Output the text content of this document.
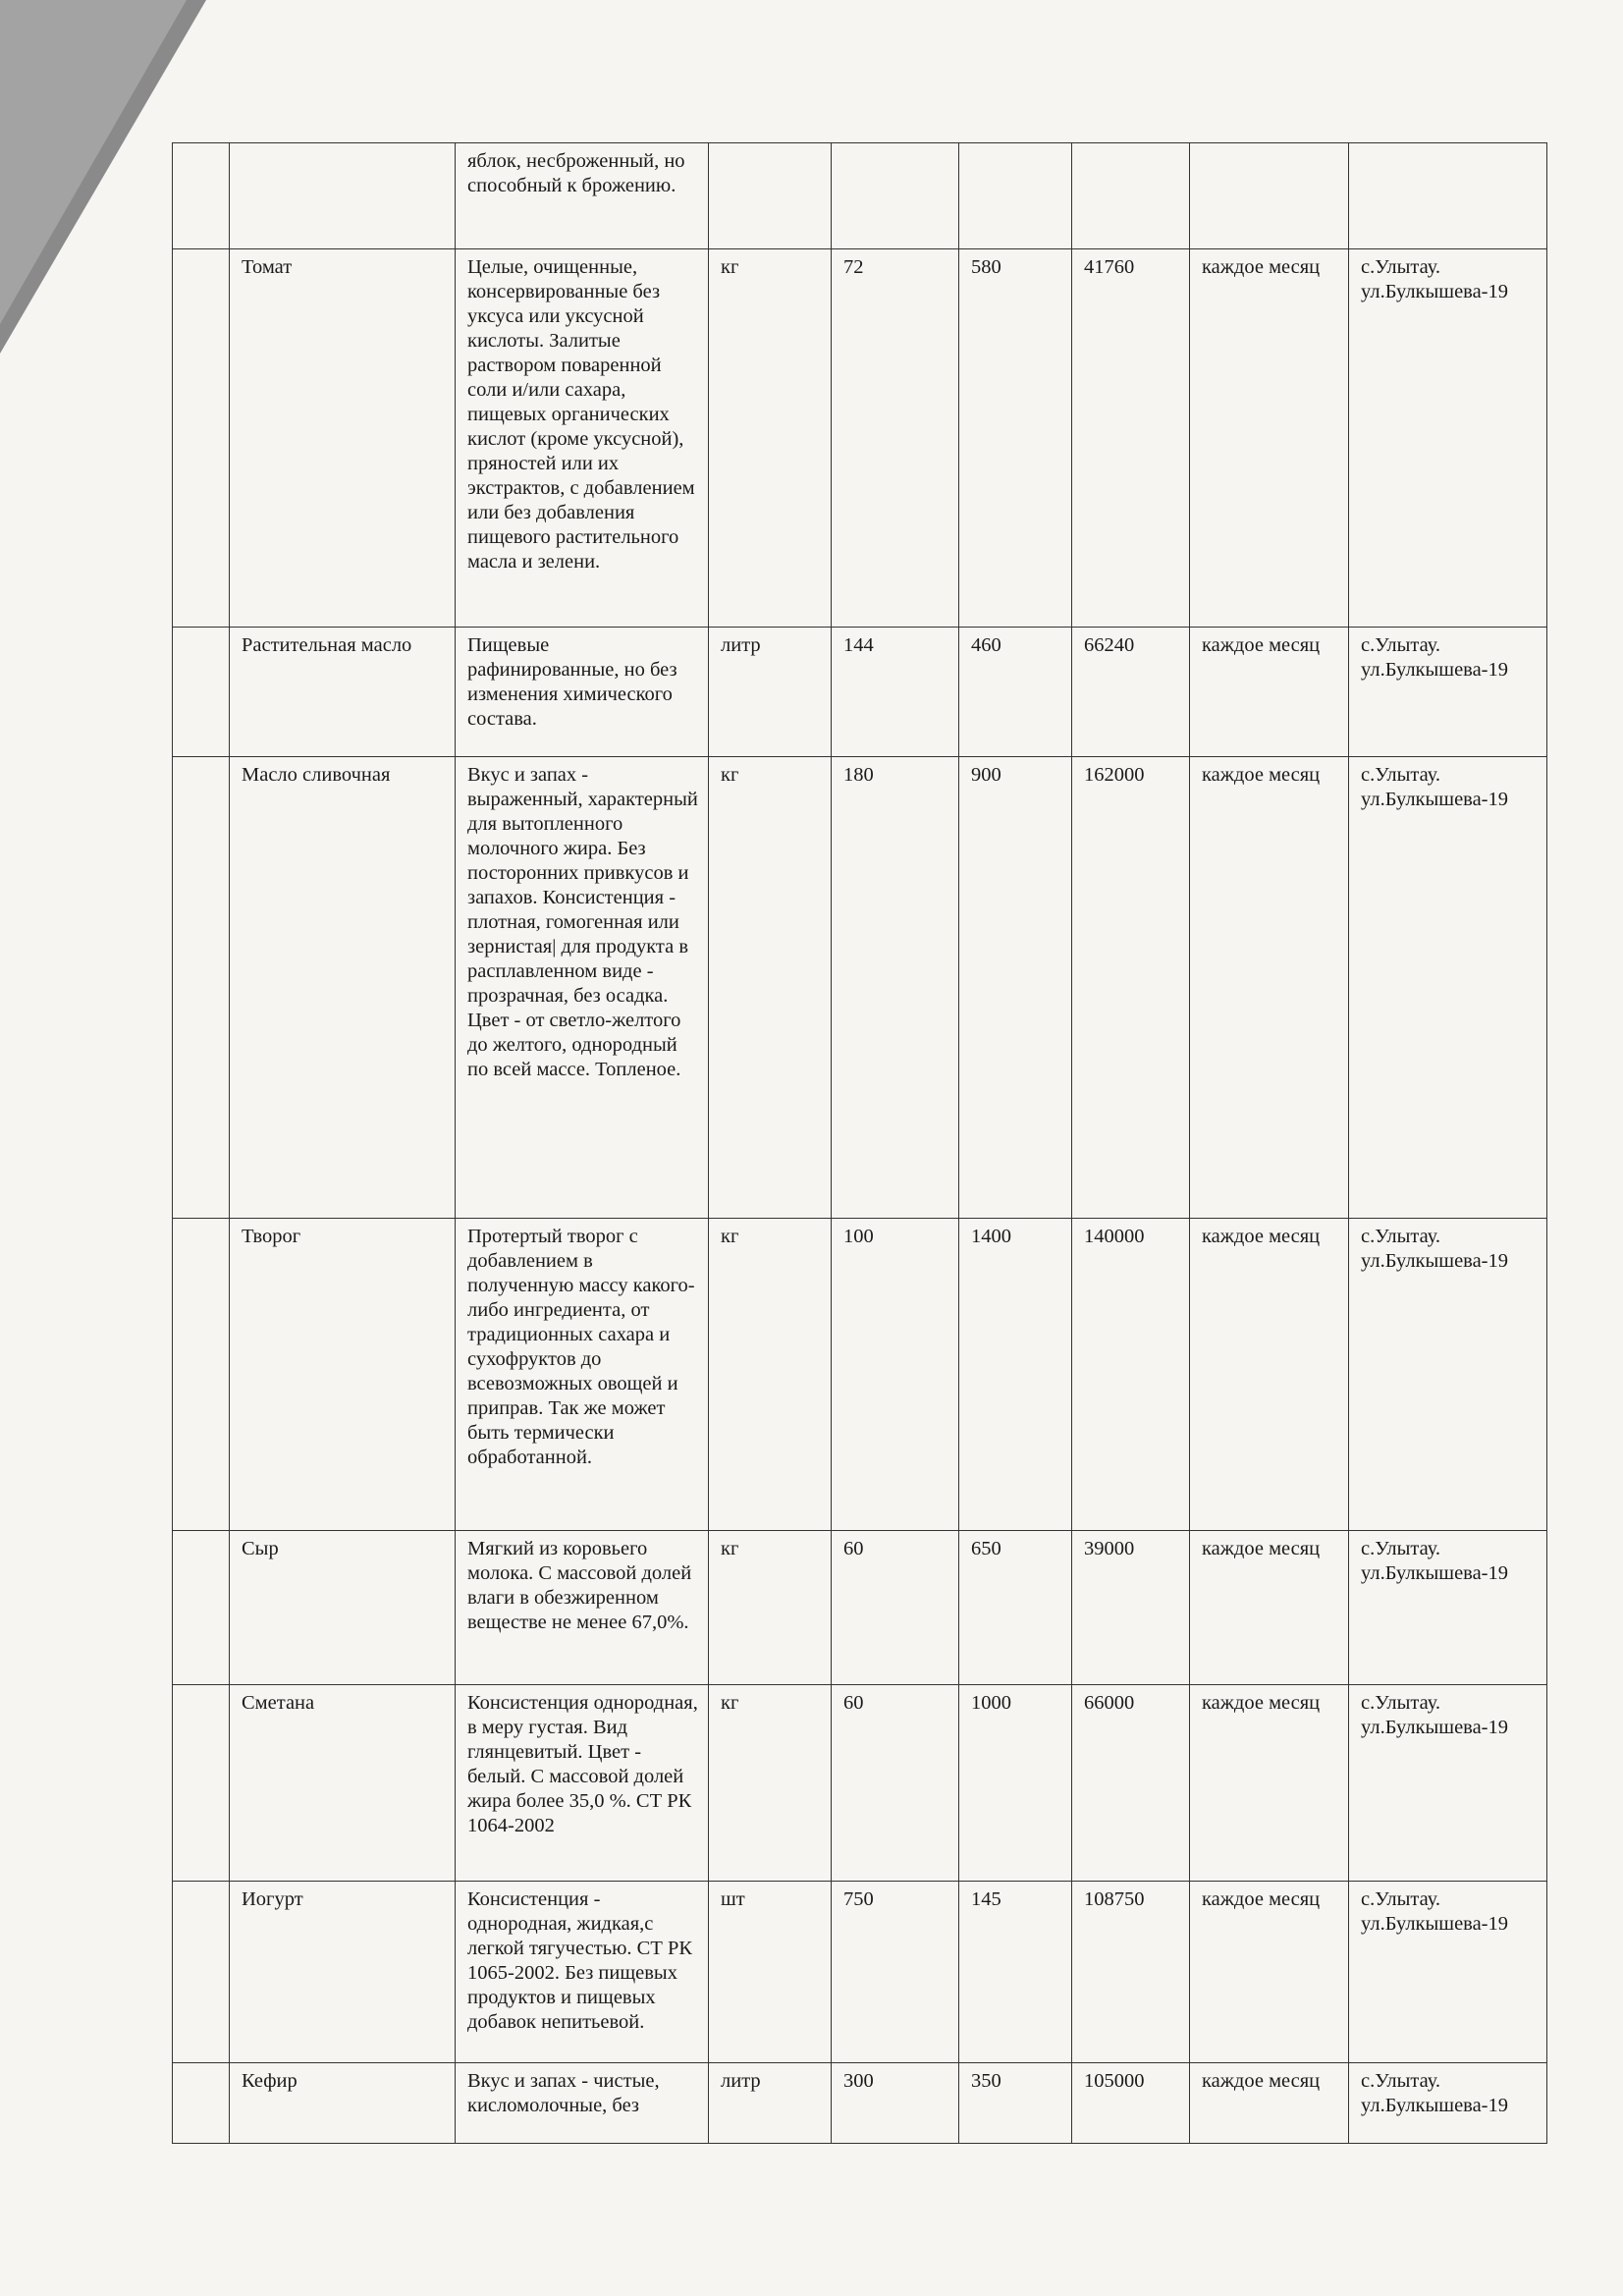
		яблок, несброженный, но способный к брожению.						
	Томат	Целые, очищенные, консервированные без уксуса или уксусной кислоты. Залитые раствором поваренной соли и/или сахара, пищевых органических кислот (кроме уксусной), пряностей или их экстрактов, с добавлением или без добавления пищевого растительного масла и зелени.	кг	72	580	41760	каждое месяц	с.Улытау. ул.Булкышева-19
	Растительная масло	Пищевые рафинированные, но без изменения химического состава.	литр	144	460	66240	каждое месяц	с.Улытау. ул.Булкышева-19
	Масло сливочная	Вкус и запах - выраженный, характерный для вытопленного молочного жира. Без посторонних привкусов и запахов. Консистенция - плотная, гомогенная или зернистая| для продукта в расплавленном виде - прозрачная, без осадка. Цвет - от светло-желтого до желтого, однородный по всей массе. Топленое.	кг	180	900	162000	каждое месяц	с.Улытау. ул.Булкышева-19
	Творог	Протертый творог с добавлением в полученную массу какого-либо ингредиента, от традиционных сахара и сухофруктов до всевозможных овощей и приправ. Так же может быть термически обработанной.	кг	100	1400	140000	каждое месяц	с.Улытау. ул.Булкышева-19
	Сыр	Мягкий из коровьего молока. С массовой долей влаги в обезжиренном веществе не менее 67,0%.	кг	60	650	39000	каждое месяц	с.Улытау. ул.Булкышева-19
	Сметана	Консистенция однородная, в меру густая. Вид глянцевитый. Цвет - белый. С массовой долей жира более 35,0 %. СТ РК 1064-2002	кг	60	1000	66000	каждое месяц	с.Улытау. ул.Булкышева-19
	Иогурт	Консистенция - однородная, жидкая,с легкой тягучестью. СТ РК 1065-2002. Без пищевых продуктов и пищевых добавок непитьевой.	шт	750	145	108750	каждое месяц	с.Улытау. ул.Булкышева-19
	Кефир	Вкус и запах - чистые, кисломолочные, без	литр	300	350	105000	каждое месяц	с.Улытау. ул.Булкышева-19
